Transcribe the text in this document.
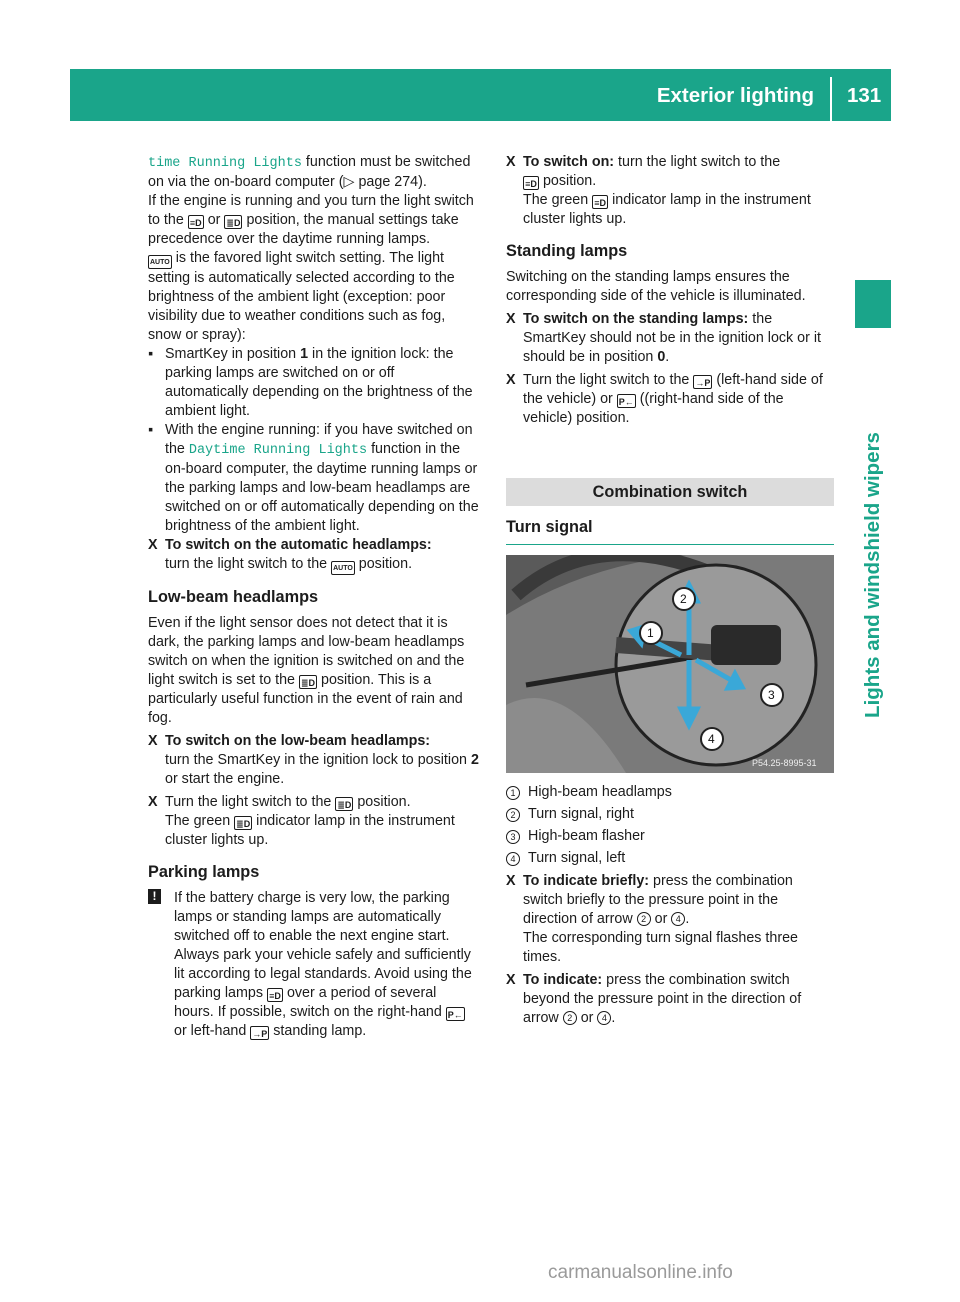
Exterior lighting 131
Lights and windshield wipers

time Running Lights function must be switched on via the on-board computer (▷ page 274).

If the engine is running and you turn the light switch to the ≡D or ≣D position, the manual settings take precedence over the daytime running lamps.

AUTO is the favored light switch setting. The light setting is automatically selected according to the brightness of the ambient light (exception: poor visibility due to weather conditions such as fog, snow or spray):

▪ SmartKey in position 1 in the ignition lock: the parking lamps are switched on or off automatically depending on the brightness of the ambient light.

▪ With the engine running: if you have switched on the Daytime Running Lights function in the on-board computer, the daytime running lamps or the parking lamps and low-beam headlamps are switched on or off automatically depending on the brightness of the ambient light.

X To switch on the automatic headlamps:
turn the light switch to the AUTO position.

Low-beam headlamps

Even if the light sensor does not detect that it is dark, the parking lamps and low-beam headlamps switch on when the ignition is switched on and the light switch is set to the ≣D position. This is a particularly useful function in the event of rain and fog.

X To switch on the low-beam headlamps:
turn the SmartKey in the ignition lock to position 2 or start the engine.

X Turn the light switch to the ≣D position.
The green ≣D indicator lamp in the instrument cluster lights up.

Parking lamps

!	If the battery charge is very low, the parking lamps or standing lamps are automatically switched off to enable the next engine start. Always park your vehicle safely and sufficiently lit according to legal standards. Avoid using the parking lamps ≡D over a period of several hours. If possible, switch on the right-hand P← or left-hand →P standing lamp.

X To switch on: turn the light switch to the
≡D position.
The green ≡D indicator lamp in the instrument cluster lights up.

Standing lamps

Switching on the standing lamps ensures the corresponding side of the vehicle is illuminated.

X To switch on the standing lamps: the SmartKey should not be in the ignition lock or it should be in position 0.

X Turn the light switch to the →P (left-hand side of the vehicle) or P← ((right-hand side of the vehicle) position.

Combination switch

Turn signal

1
2
3
4
P54.25-8995-31

1 High-beam headlamps

2 Turn signal, right

3 High-beam flasher

4 Turn signal, left

X To indicate briefly: press the combination switch briefly to the pressure point in the direction of arrow 2 or 4 .
The corresponding turn signal flashes three times.

X To indicate: press the combination switch beyond the pressure point in the direction of arrow 2 or 4 .

carmanualsonline.info
